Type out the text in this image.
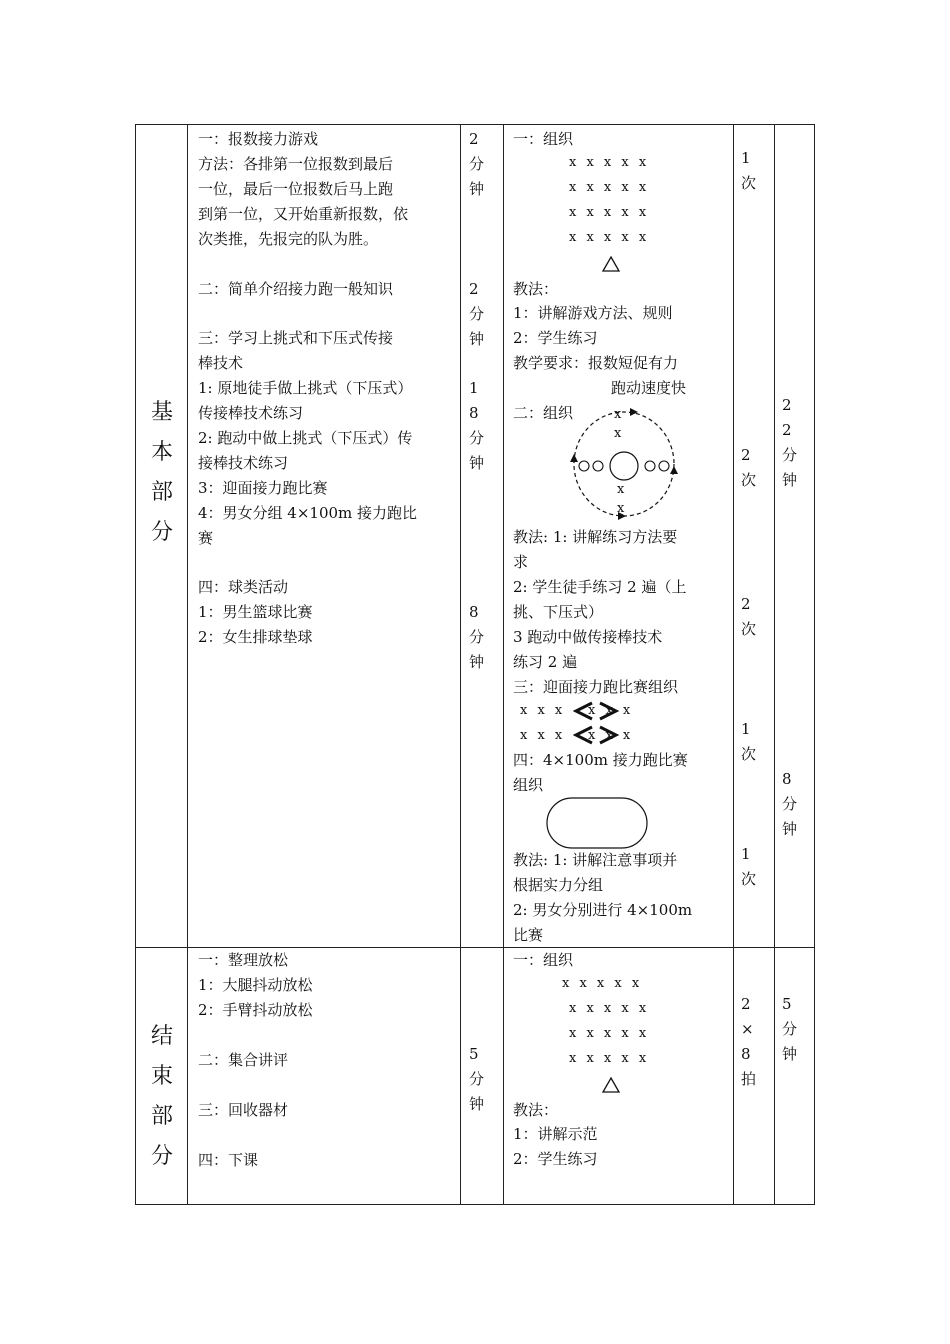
基
本
部
分
一：报数接力游戏
方法：各排第一位报数到最后
一位，最后一位报数后马上跑
到第一位，又开始重新报数，依
次类推，先报完的队为胜。
二：简单介绍接力跑一般知识
三：学习上挑式和下压式传接
棒技术
1: 原地徒手做上挑式（下压式）
传接棒技术练习
2: 跑动中做上挑式（下压式）传
接棒技术练习
3：迎面接力跑比赛
4：男女分组 4×100m 接力跑比
赛
四：球类活动
1：男生篮球比赛
2：女生排球垫球
2
分
钟
2
分
钟
1
8
分
钟
8
分
钟
一：组织
x x x x x
x x x x x
x x x x x
x x x x x
教法：
1：讲解游戏方法、规则
2：学生练习
教学要求：报数短促有力
跑动速度快
二：组织	x
x
x
x
教法: 1: 讲解练习方法要
求
2: 学生徒手练习 2 遍（上
挑、下压式）
3 跑动中做传接棒技术
练习 2 遍
三：迎面接力跑比赛组织
x x x
x x x
x x x
x x x
四：4×100m 接力跑比赛
组织
教法: 1: 讲解注意事项并
根据实力分组
2: 男女分别进行 4×100m
比赛
1
次
2
次
2
次
1
次
1
次
2
2
分
钟
8
分
钟
结
束
部
分
一：整理放松
1：大腿抖动放松
2：手臂抖动放松
二：集合讲评
三：回收器材
四：下课
5
分
钟
一：组织
x x x x x
x x x x x
x x x x x
x x x x x
教法：
1：讲解示范
2：学生练习
2
×
8
拍
5
分
钟
